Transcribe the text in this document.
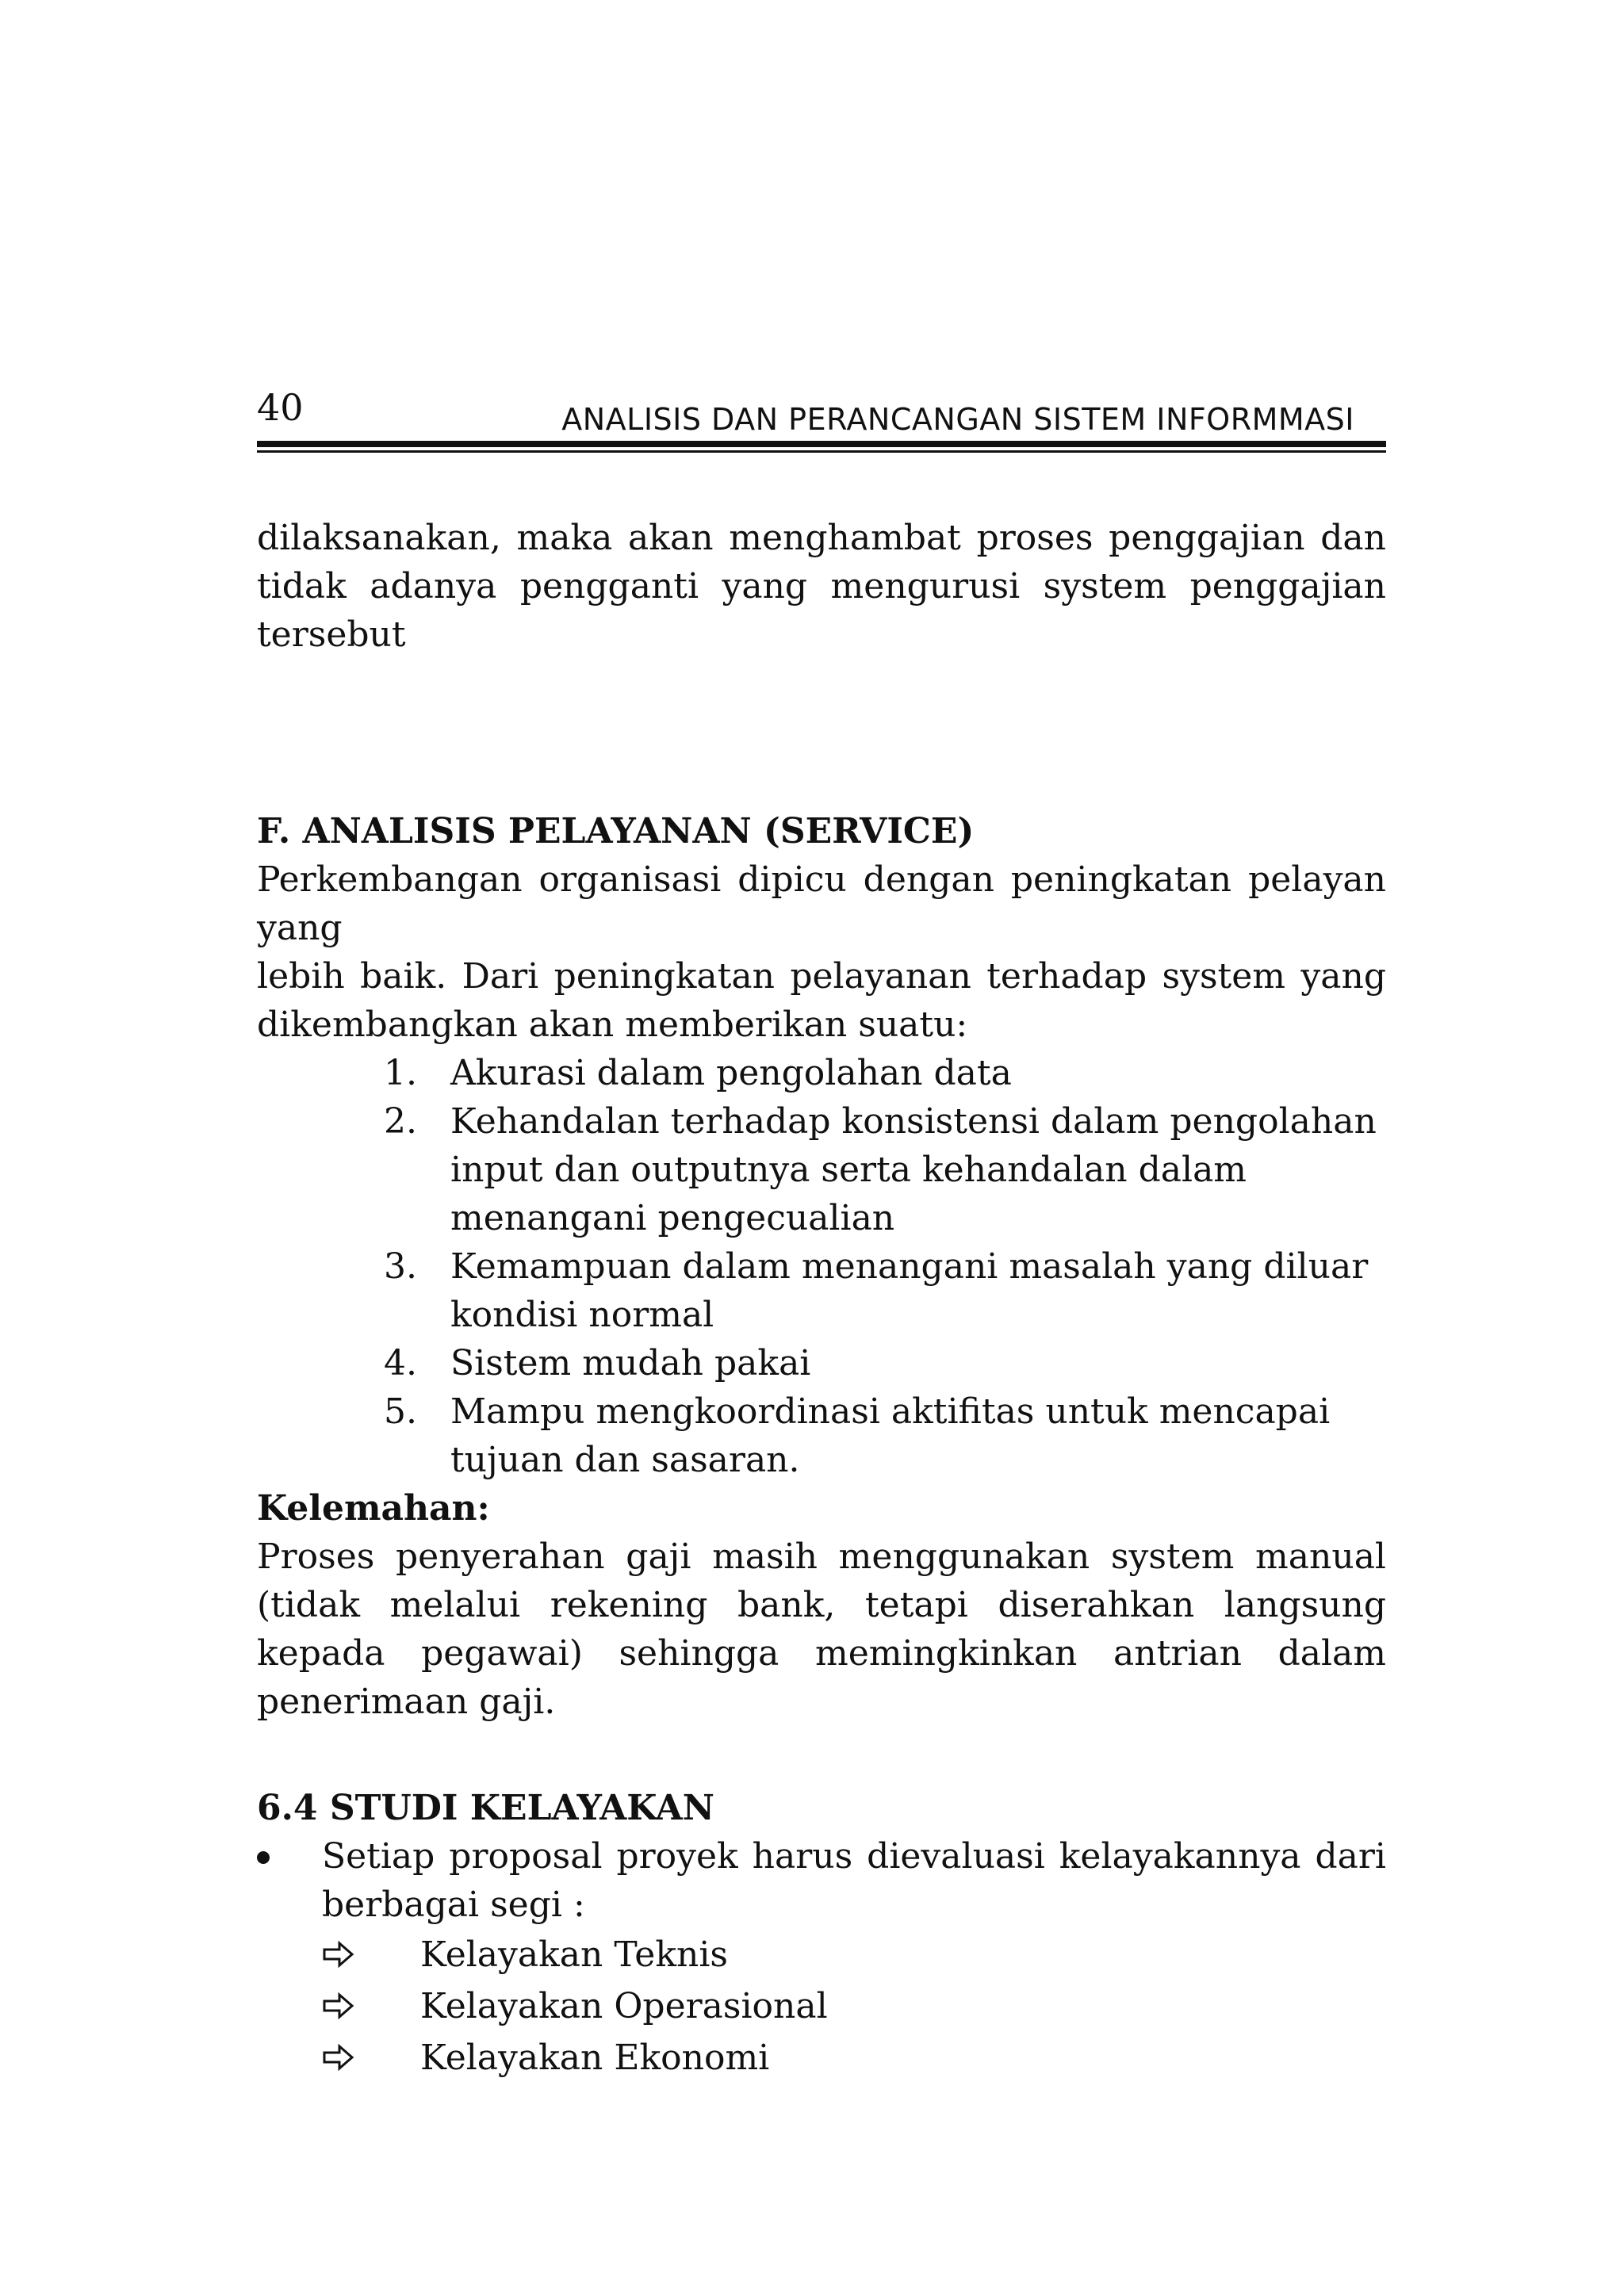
40	ANALISIS DAN PERANCANGAN SISTEM INFORMMASI
dilaksanakan, maka akan menghambat proses penggajian dan
tidak adanya pengganti yang mengurusi system penggajian
tersebut
F. ANALISIS PELAYANAN (SERVICE)
Perkembangan organisasi dipicu dengan peningkatan pelayan
yang
lebih baik. Dari peningkatan pelayanan terhadap system yang
dikembangkan akan memberikan suatu:
1. Akurasi dalam pengolahan data
2. Kehandalan terhadap konsistensi dalam pengolahan
input dan outputnya serta kehandalan dalam
menangani pengecualian
3. Kemampuan dalam menangani masalah yang diluar
kondisi normal
4. Sistem mudah pakai
5. Mampu mengkoordinasi aktifitas untuk mencapai
tujuan dan sasaran.
Kelemahan:
Proses penyerahan gaji masih menggunakan system manual
(tidak melalui rekening bank, tetapi diserahkan langsung
kepada pegawai) sehingga memingkinkan antrian dalam
penerimaan gaji.
6.4 STUDI KELAYAKAN
Setiap proposal proyek harus dievaluasi kelayakannya dari
berbagai segi :
Kelayakan Teknis
Kelayakan Operasional
Kelayakan Ekonomi
